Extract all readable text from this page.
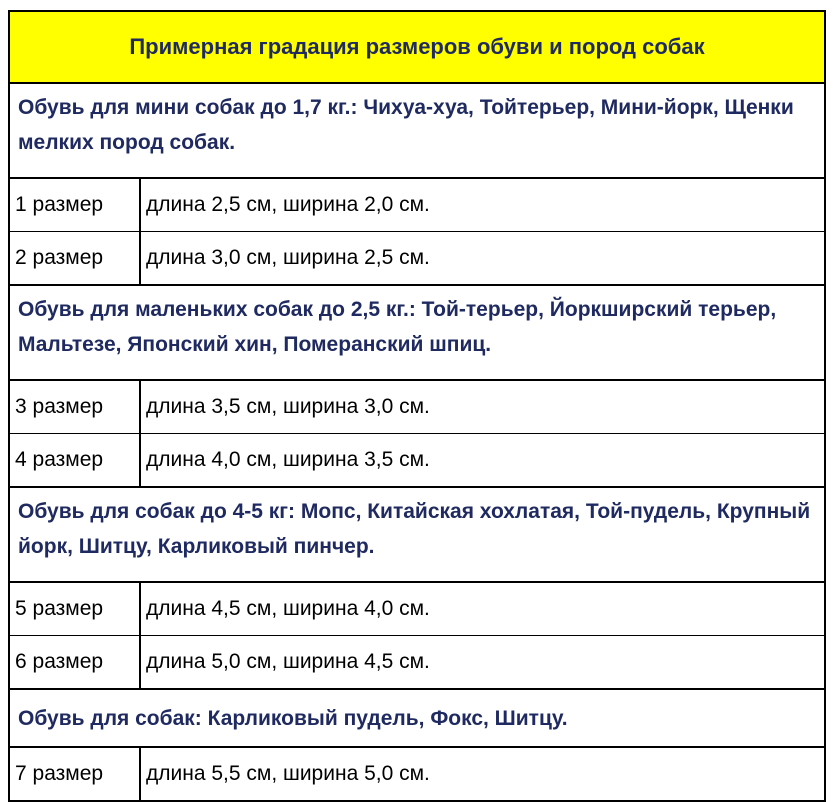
Примерная градация размеров обуви и пород собак
Обувь для мини собак до 1,7 кг.: Чихуа-хуа, Тойтерьер, Мини-йорк, Щенки мелких пород собак.
1 размер	длина 2,5 см, ширина 2,0 см.
2 размер	длина 3,0 см, ширина 2,5 см.
Обувь для маленьких собак до 2,5 кг.: Той-терьер, Йоркширский терьер, Мальтезе, Японский хин, Померанский шпиц.
3 размер	длина 3,5 см, ширина 3,0 см.
4 размер	длина 4,0 см, ширина 3,5 см.
Обувь для собак до 4-5 кг: Мопс, Китайская хохлатая, Той-пудель, Крупный йорк, Шитцу, Карликовый пинчер.
5 размер	длина 4,5 см, ширина 4,0 см.
6 размер	длина 5,0 см, ширина 4,5 см.
Обувь для собак: Карликовый пудель, Фокс, Шитцу.
7 размер	длина 5,5 см, ширина 5,0 см.
